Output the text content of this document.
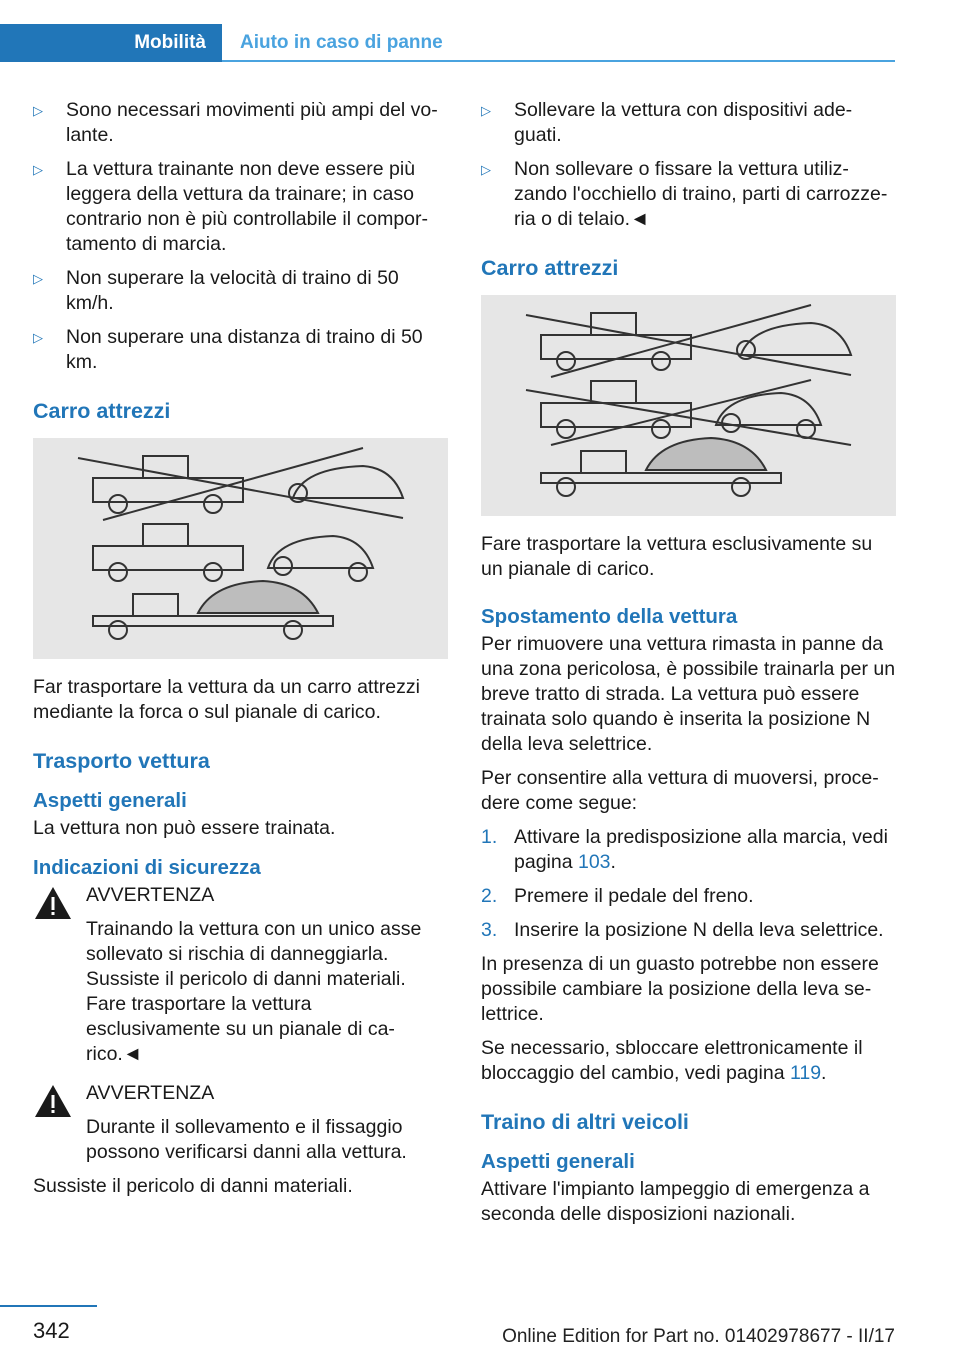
Mobilità Aiuto in caso di panne
▷ Sono necessari movimenti più ampi del vo-lante.
▷ La vettura trainante non deve essere più leggera della vettura da trainare; in caso contrario non è più controllabile il compor-tamento di marcia.
▷ Non superare la velocità di traino di 50 km/h.
▷ Non superare una distanza di traino di 50 km.
Carro attrezzi

Far trasportare la vettura da un carro attrezzi mediante la forca o sul pianale di carico.

Trasporto vettura
Aspetti generali

La vettura non può essere trainata.

Indicazioni di sicurezza

AVVERTENZA

Trainando la vettura con un unico asse sollevato si rischia di danneggiarla. Sussiste il pericolo di danni materiali. Fare trasportare la vettura esclusivamente su un pianale di ca-rico.◄

AVVERTENZA

Durante il sollevamento e il fissaggio possono verificarsi danni alla vettura.

Sussiste il pericolo di danni materiali.

▷ Sollevare la vettura con dispositivi ade-guati.
▷ Non sollevare o fissare la vettura utiliz-zando l'occhiello di traino, parti di carrozze-ria o di telaio.◄
Carro attrezzi

Fare trasportare la vettura esclusivamente su un pianale di carico.

Spostamento della vettura

Per rimuovere una vettura rimasta in panne da una zona pericolosa, è possibile trainarla per un breve tratto di strada. La vettura può essere trainata solo quando è inserita la posizione N della leva selettrice.

Per consentire alla vettura di muoversi, proce-dere come segue:

1. Attivare la predisposizione alla marcia, vedi pagina 103.
2. Premere il pedale del freno.
3. Inserire la posizione N della leva selettrice.

In presenza di un guasto potrebbe non essere possibile cambiare la posizione della leva se-lettrice.

Se necessario, sbloccare elettronicamente il bloccaggio del cambio, vedi pagina 119.

Traino di altri veicoli
Aspetti generali

Attivare l'impianto lampeggio di emergenza a seconda delle disposizioni nazionali.

342	Online Edition for Part no. 01402978677 - II/17
